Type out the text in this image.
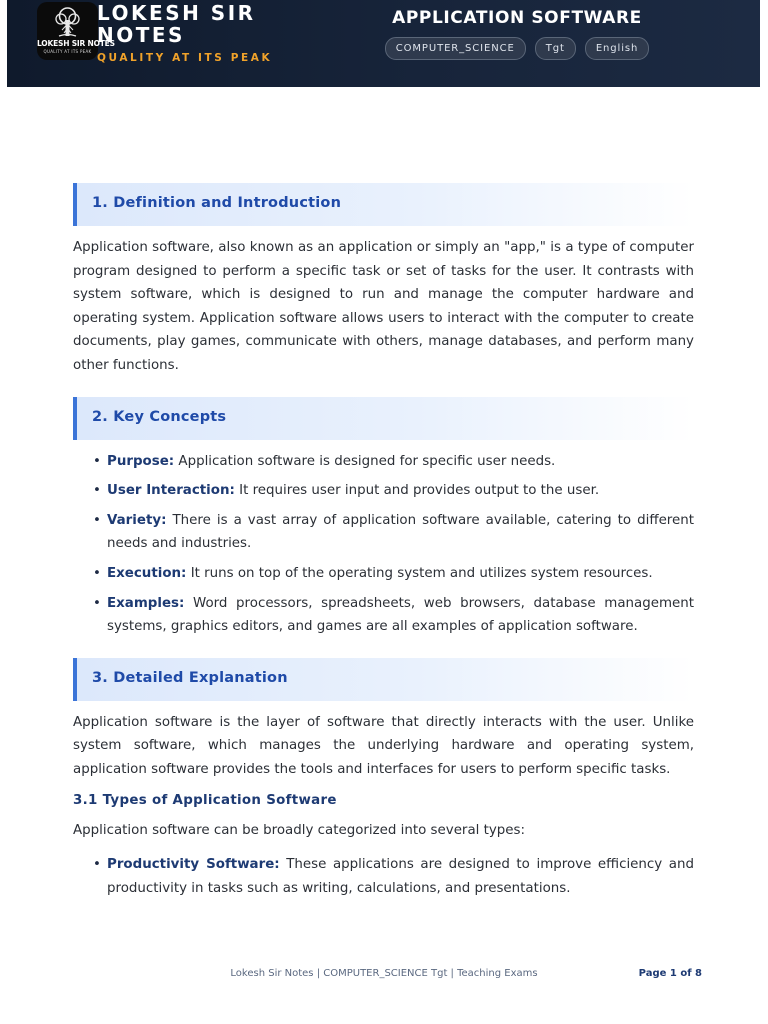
LOKESH SIR NOTES
QUALITY AT ITS PEAK
LOKESH SIR
NOTES
QUALITY AT ITS PEAK
APPLICATION SOFTWARE
COMPUTER_SCIENCE	Tgt	English
1. Definition and Introduction

Application software, also known as an application or simply an "app," is a type of computer program designed to perform a specific task or set of tasks for the user. It contrasts with system software, which is designed to run and manage the computer hardware and operating system. Application software allows users to interact with the computer to create documents, play games, communicate with others, manage databases, and perform many other functions.

2. Key Concepts
• Purpose: Application software is designed for specific user needs.
• User Interaction: It requires user input and provides output to the user.
• Variety: There is a vast array of application software available, catering to different needs and industries.
• Execution: It runs on top of the operating system and utilizes system resources.
• Examples: Word processors, spreadsheets, web browsers, database management systems, graphics editors, and games are all examples of application software.
3. Detailed Explanation

Application software is the layer of software that directly interacts with the user. Unlike system software, which manages the underlying hardware and operating system, application software provides the tools and interfaces for users to perform specific tasks.

3.1 Types of Application Software

Application software can be broadly categorized into several types:

• Productivity Software: These applications are designed to improve efficiency and productivity in tasks such as writing, calculations, and presentations.
Lokesh Sir Notes | COMPUTER_SCIENCE Tgt | Teaching Exams	Page 1 of 8
